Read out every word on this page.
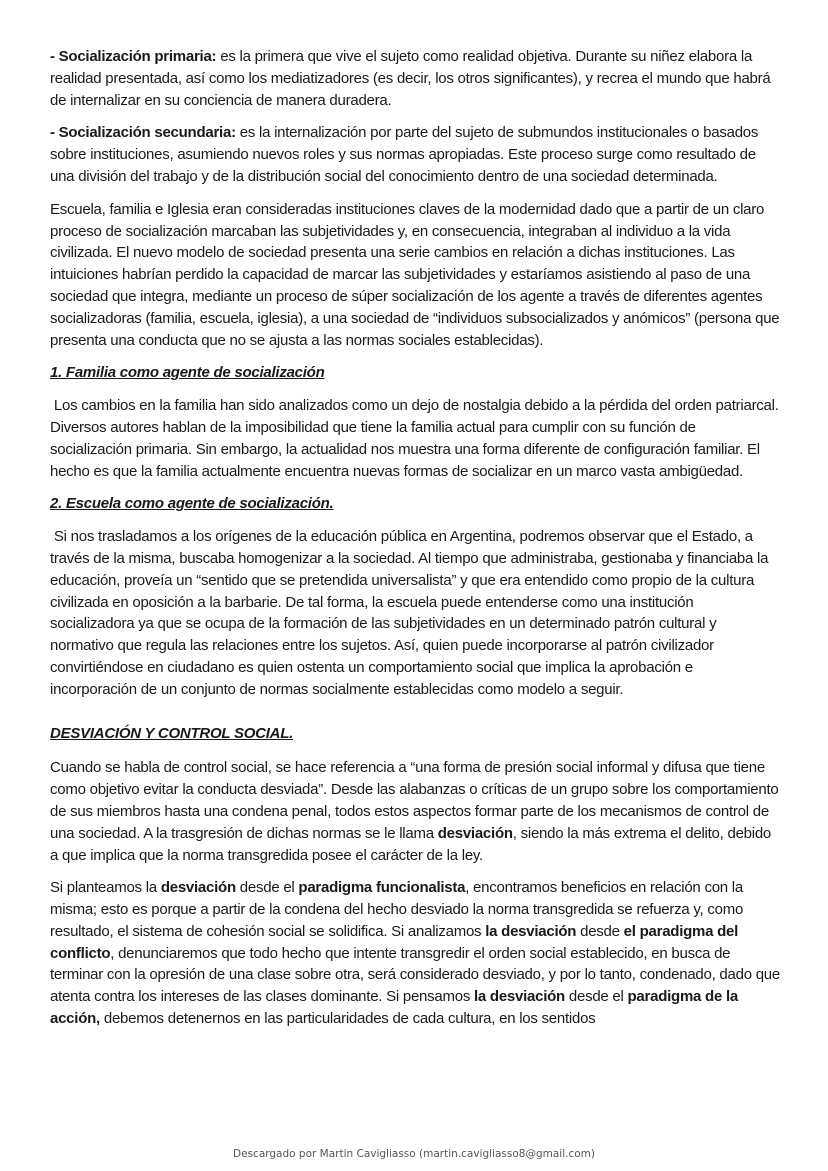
- Socialización primaria: es la primera que vive el sujeto como realidad objetiva. Durante su niñez elabora la realidad presentada, así como los mediatizadores (es decir, los otros significantes), y recrea el mundo que habrá de internalizar en su conciencia de manera duradera.

- Socialización secundaria: es la internalización por parte del sujeto de submundos institucionales o basados sobre instituciones, asumiendo nuevos roles y sus normas apropiadas. Este proceso surge como resultado de una división del trabajo y de la distribución social del conocimiento dentro de una sociedad determinada.

Escuela, familia e Iglesia eran consideradas instituciones claves de la modernidad dado que a partir de un claro proceso de socialización marcaban las subjetividades y, en consecuencia, integraban al individuo a la vida civilizada. El nuevo modelo de sociedad presenta una serie cambios en relación a dichas instituciones. Las intuiciones habrían perdido la capacidad de marcar las subjetividades y estaríamos asistiendo al paso de una sociedad que integra, mediante un proceso de súper socialización de los agente a través de diferentes agentes socializadoras (familia, escuela, iglesia), a una sociedad de “individuos subsocializados y anómicos” (persona que presenta una conducta que no se ajusta a las normas sociales establecidas).

1. Familia como agente de socialización

Los cambios en la familia han sido analizados como un dejo de nostalgia debido a la pérdida del orden patriarcal. Diversos autores hablan de la imposibilidad que tiene la familia actual para cumplir con su función de socialización primaria. Sin embargo, la actualidad nos muestra una forma diferente de configuración familiar. El hecho es que la familia actualmente encuentra nuevas formas de socializar en un marco vasta ambigüedad.

2. Escuela como agente de socialización.

Si nos trasladamos a los orígenes de la educación pública en Argentina, podremos observar que el Estado, a través de la misma, buscaba homogenizar a la sociedad. Al tiempo que administraba, gestionaba y financiaba la educación, proveía un “sentido que se pretendida universalista” y que era entendido como propio de la cultura civilizada en oposición a la barbarie. De tal forma, la escuela puede entenderse como una institución socializadora ya que se ocupa de la formación de las subjetividades en un determinado patrón cultural y normativo que regula las relaciones entre los sujetos. Así, quien puede incorporarse al patrón civilizador convirtiéndose en ciudadano es quien ostenta un comportamiento social que implica la aprobación e incorporación de un conjunto de normas socialmente establecidas como modelo a seguir.

DESVIACIÓN Y CONTROL SOCIAL.

Cuando se habla de control social, se hace referencia a “una forma de presión social informal y difusa que tiene como objetivo evitar la conducta desviada”. Desde las alabanzas o críticas de un grupo sobre los comportamiento de sus miembros hasta una condena penal, todos estos aspectos formar parte de los mecanismos de control de una sociedad. A la trasgresión de dichas normas se le llama desviación, siendo la más extrema el delito, debido a que implica que la norma transgredida posee el carácter de la ley.

Si planteamos la desviación desde el paradigma funcionalista, encontramos beneficios en relación con la misma; esto es porque a partir de la condena del hecho desviado la norma transgredida se refuerza y, como resultado, el sistema de cohesión social se solidifica. Si analizamos la desviación desde el paradigma del conflicto, denunciaremos que todo hecho que intente transgredir el orden social establecido, en busca de terminar con la opresión de una clase sobre otra, será considerado desviado, y por lo tanto, condenado, dado que atenta contra los intereses de las clases dominante. Si pensamos la desviación desde el paradigma de la acción, debemos detenernos en las particularidades de cada cultura, en los sentidos

Descargado por Martin Cavigliasso (martin.cavigliasso8@gmail.com)
